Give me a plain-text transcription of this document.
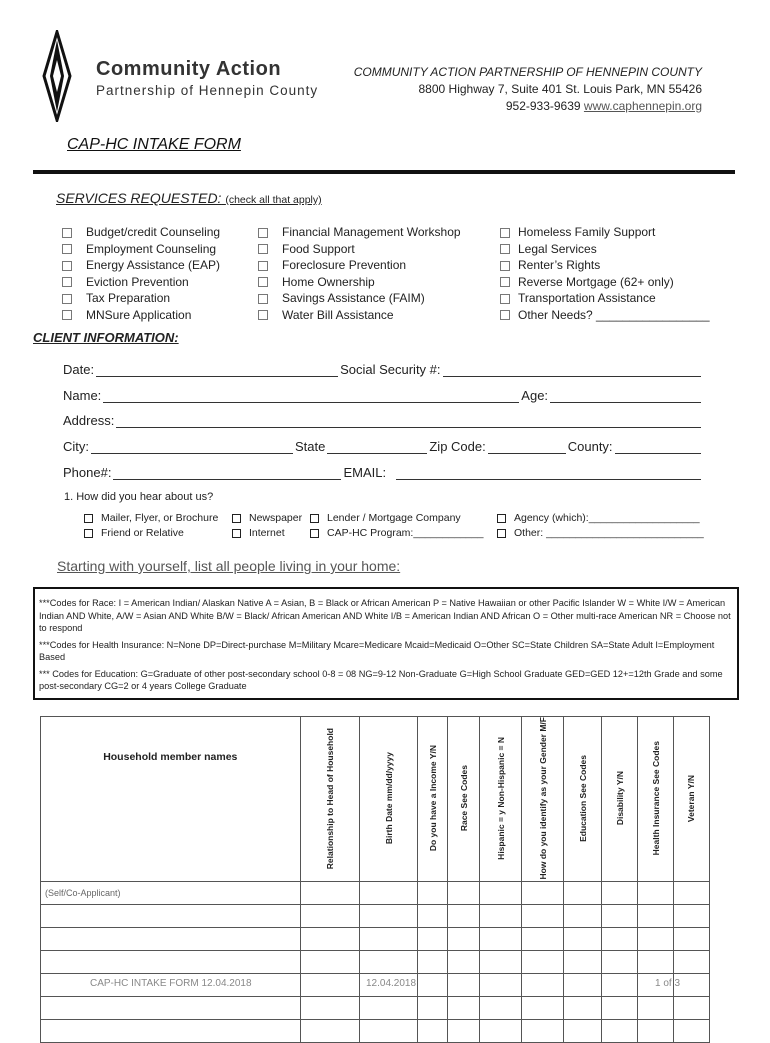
Community Action
Partnership of Hennepin County
COMMUNITY ACTION PARTNERSHIP OF HENNEPIN COUNTY
8800 Highway 7, Suite 401 St. Louis Park, MN 55426
952-933-9639 www.caphennepin.org
CAP-HC INTAKE FORM
SERVICES REQUESTED: (check all that apply)
Budget/credit Counseling
Employment Counseling
Energy Assistance (EAP)
Eviction Prevention
Tax Preparation
MNSure Application
Financial Management Workshop
Food Support
Foreclosure Prevention
Home Ownership
Savings Assistance (FAIM)
Water Bill Assistance
Homeless Family Support
Legal Services
Renter’s Rights
Reverse Mortgage (62+ only)
Transportation Assistance
Other Needs? _________________
CLIENT INFORMATION:
Date:	Social Security #:
Name:	Age:
Address:
City:	State	Zip Code:	County:
Phone#:	EMAIL:
1. How did you hear about us?
Mailer, Flyer, or Brochure
Friend or Relative
Newspaper
Internet
Lender / Mortgage Company
CAP-HC Program:____________
Agency (which):___________________
Other: ___________________________
Starting with yourself, list all people living in your home:
***Codes for Race: I = American Indian/ Alaskan Native A = Asian, B = Black or African American P = Native Hawaiian or other Pacific Islander W = White I/W = American Indian AND White, A/W = Asian AND White B/W = Black/ African American AND White I/B = American Indian AND African O = Other multi-race American NR = Choose not to respond
***Codes for Health Insurance: N=None DP=Direct-purchase M=Military Mcare=Medicare Mcaid=Medicaid O=Other SC=State Children SA=State Adult I=Employment Based
*** Codes for Education: G=Graduate of other post-secondary school 0-8 = 08 NG=9-12 Non-Graduate G=High School Graduate GED=GED 12+=12th Grade and some post-secondary CG=2 or 4 years College Graduate
Household member names	Relationship to Head of Household	Birth Date mm/dd/yyyy	Do you have a Income Y/N	Race See Codes	Hispanic = y Non-Hispanic = N	How do you identify as your Gender M/F	Education See Codes	Disability Y/N	Health Insurance See Codes	Veteran Y/N
(Self/Co-Applicant)										

CAP-HC INTAKE FORM 12.04.2018	12.04.2018	1 of 3
